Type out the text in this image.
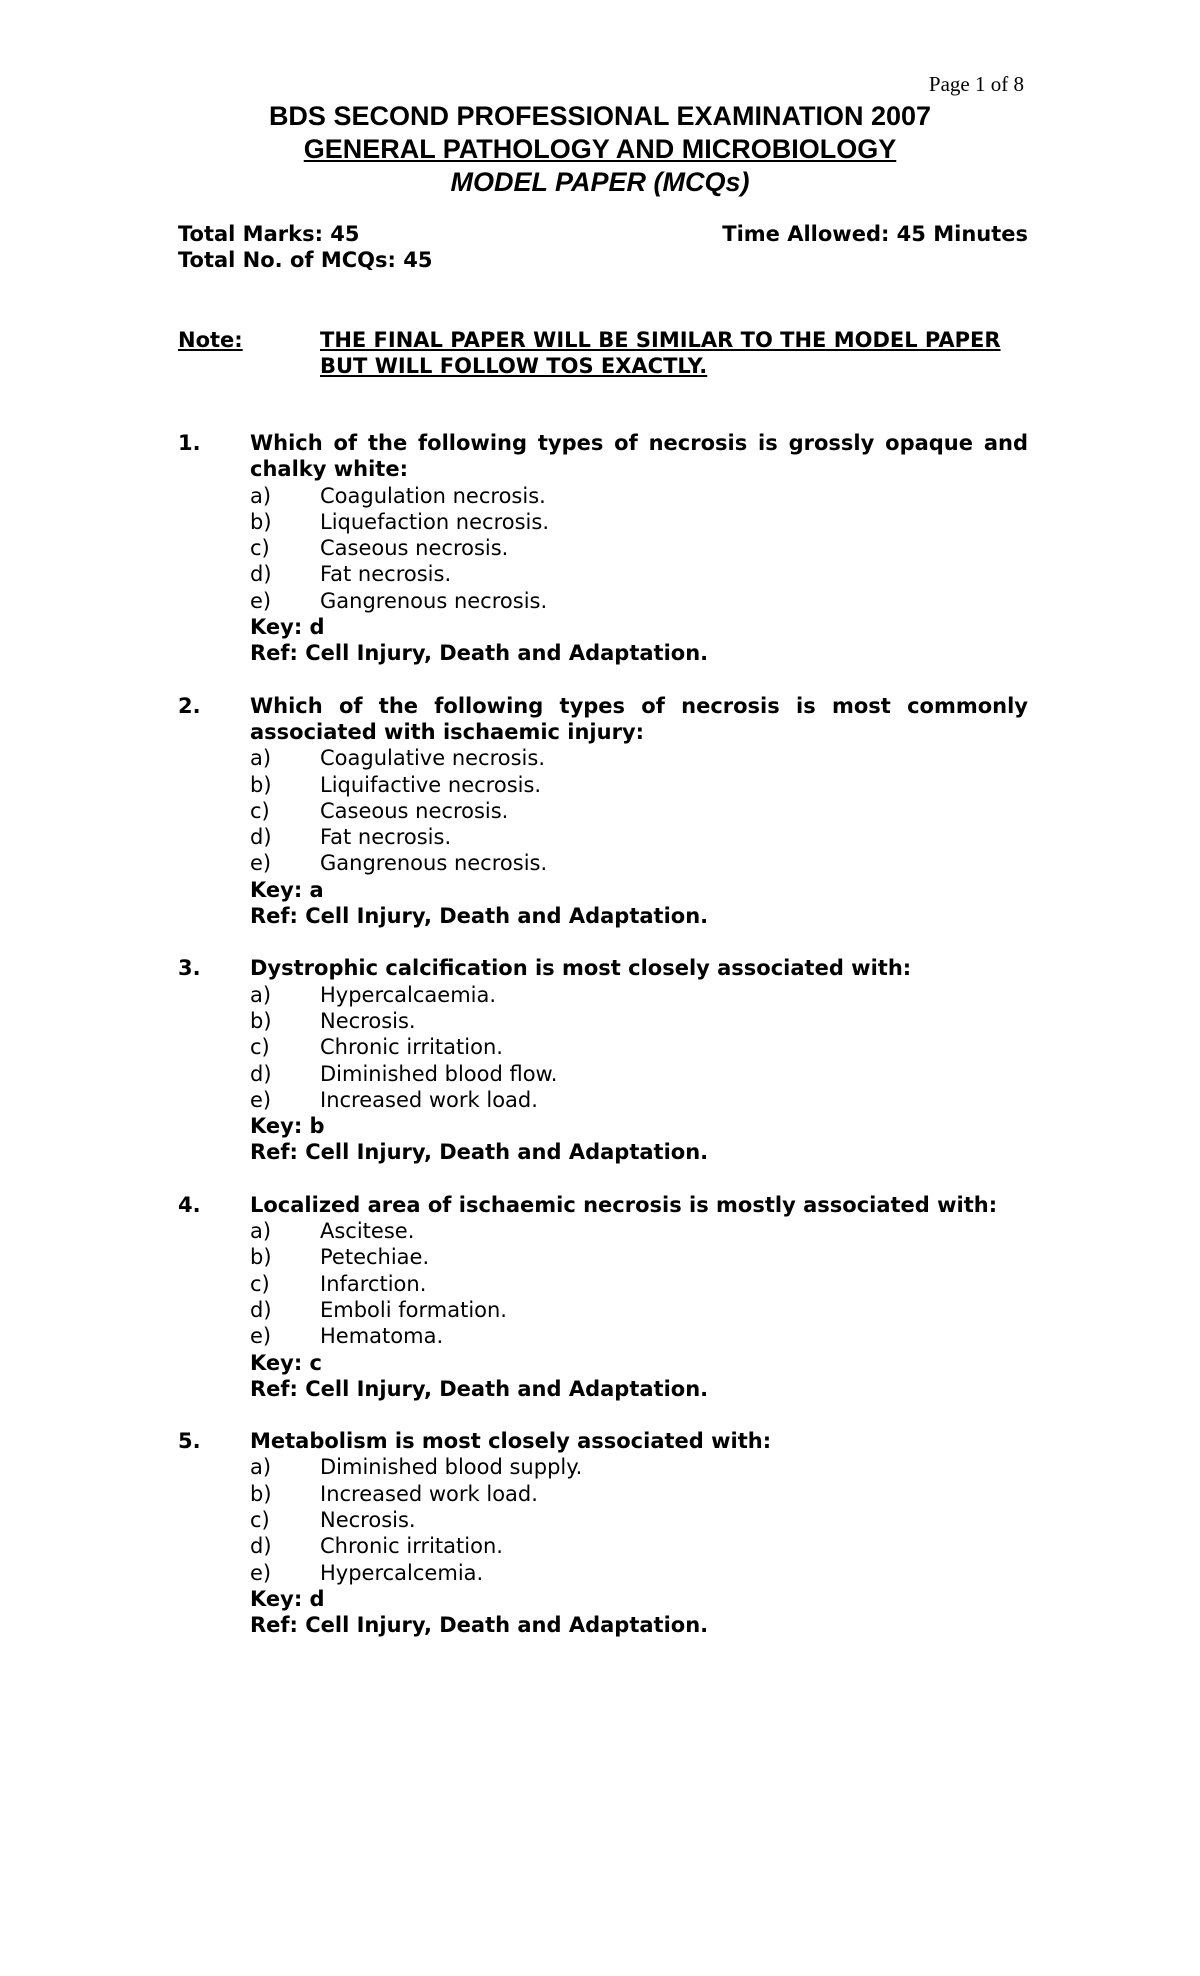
Page 1 of 8
BDS SECOND PROFESSIONAL EXAMINATION 2007
GENERAL PATHOLOGY AND MICROBIOLOGY
MODEL PAPER (MCQs)
Total Marks: 45	Time Allowed: 45 Minutes
Total No. of MCQs: 45
Note:	THE FINAL PAPER WILL BE SIMILAR TO THE MODEL PAPER BUT WILL FOLLOW TOS EXACTLY.
1.	Which of the following types of necrosis is grossly opaque and chalky white:
a)	Coagulation necrosis.
b)	Liquefaction necrosis.
c)	Caseous necrosis.
d)	Fat necrosis.
e)	Gangrenous necrosis.
Key: d
Ref: Cell Injury, Death and Adaptation.
2.	Which of the following types of necrosis is most commonly associated with ischaemic injury:
a)	Coagulative necrosis.
b)	Liquifactive necrosis.
c)	Caseous necrosis.
d)	Fat necrosis.
e)	Gangrenous necrosis.
Key: a
Ref: Cell Injury, Death and Adaptation.
3.	Dystrophic calcification is most closely associated with:
a)	Hypercalcaemia.
b)	Necrosis.
c)	Chronic irritation.
d)	Diminished blood flow.
e)	Increased work load.
Key: b
Ref: Cell Injury, Death and Adaptation.
4.	Localized area of ischaemic necrosis is mostly associated with:
a)	Ascitese.
b)	Petechiae.
c)	Infarction.
d)	Emboli formation.
e)	Hematoma.
Key: c
Ref: Cell Injury, Death and Adaptation.
5.	Metabolism is most closely associated with:
a)	Diminished blood supply.
b)	Increased work load.
c)	Necrosis.
d)	Chronic irritation.
e)	Hypercalcemia.
Key: d
Ref: Cell Injury, Death and Adaptation.
